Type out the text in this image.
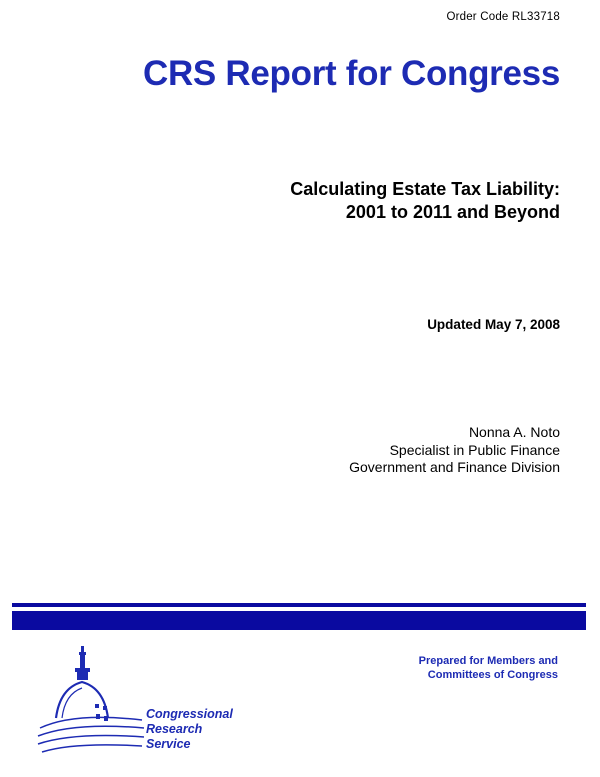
Order Code RL33718
CRS Report for Congress
Calculating Estate Tax Liability:
2001 to 2011 and Beyond
Updated May 7, 2008
Nonna A. Noto
Specialist in Public Finance
Government and Finance Division
Prepared for Members and
Committees of Congress
Congressional
Research
Service
